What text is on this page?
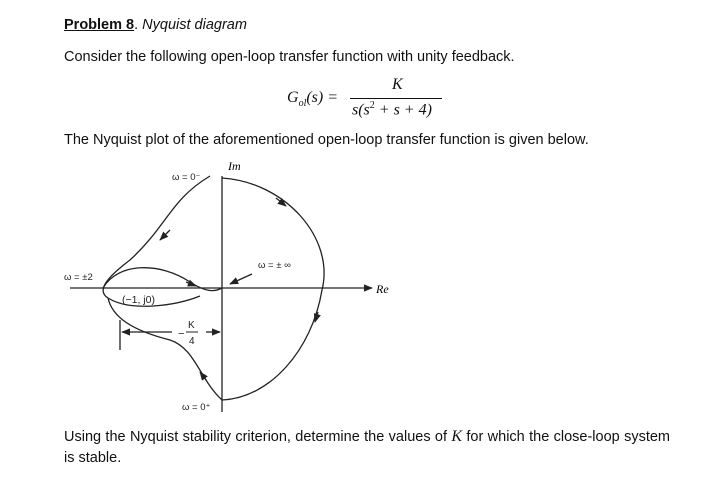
Problem 8. Nyquist diagram
Consider the following open-loop transfer function with unity feedback.
$G_{ol}(s)$ =
K
$s(s^2 + s + 4)$
The Nyquist plot of the aforementioned open-loop transfer function is given below.
Im
Re
ω = 0⁻
ω = 0⁺
ω = ± ∞
ω = ±2
(−1, j0)
−
K
4
Using the Nyquist stability criterion, determine the values of K for which the close-loop system is stable.
